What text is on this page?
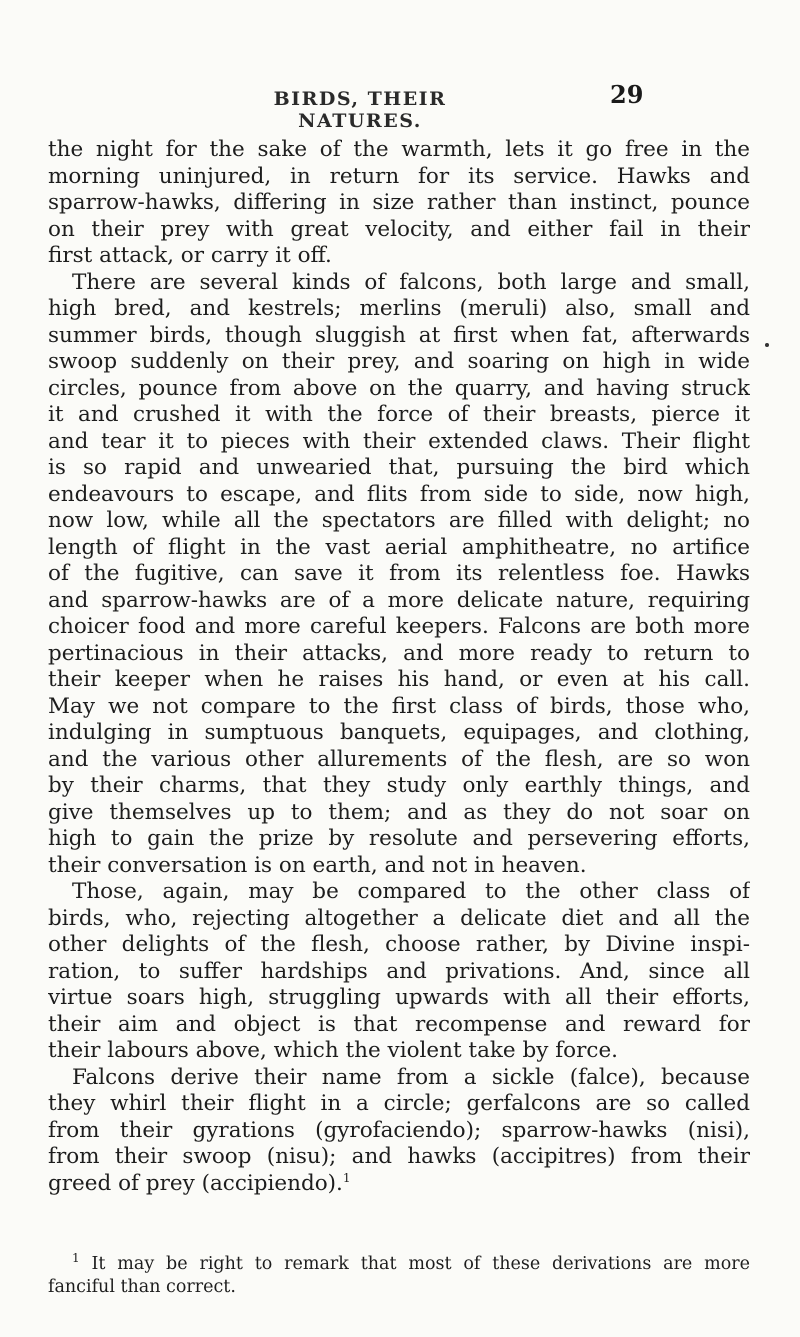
BIRDS, THEIR NATURES.
29
the night for the sake of the warmth, lets it go free in the
morning uninjured, in return for its service. Hawks and
sparrow-hawks, differing in size rather than instinct, pounce
on their prey with great velocity, and either fail in their
first attack, or carry it off.
There are several kinds of falcons, both large and small,
high bred, and kestrels; merlins (meruli) also, small and
summer birds, though sluggish at first when fat, afterwards
swoop suddenly on their prey, and soaring on high in wide
circles, pounce from above on the quarry, and having struck
it and crushed it with the force of their breasts, pierce it
and tear it to pieces with their extended claws. Their flight
is so rapid and unwearied that, pursuing the bird which
endeavours to escape, and flits from side to side, now high,
now low, while all the spectators are filled with delight; no
length of flight in the vast aerial amphitheatre, no artifice
of the fugitive, can save it from its relentless foe. Hawks
and sparrow-hawks are of a more delicate nature, requiring
choicer food and more careful keepers. Falcons are both more
pertinacious in their attacks, and more ready to return to
their keeper when he raises his hand, or even at his call.
May we not compare to the first class of birds, those who,
indulging in sumptuous banquets, equipages, and clothing,
and the various other allurements of the flesh, are so won
by their charms, that they study only earthly things, and
give themselves up to them; and as they do not soar on
high to gain the prize by resolute and persevering efforts,
their conversation is on earth, and not in heaven.
Those, again, may be compared to the other class of
birds, who, rejecting altogether a delicate diet and all the
other delights of the flesh, choose rather, by Divine inspi-
ration, to suffer hardships and privations. And, since all
virtue soars high, struggling upwards with all their efforts,
their aim and object is that recompense and reward for
their labours above, which the violent take by force.
Falcons derive their name from a sickle (falce), because
they whirl their flight in a circle; gerfalcons are so called
from their gyrations (gyrofaciendo); sparrow-hawks (nisi),
from their swoop (nisu); and hawks (accipitres) from their
greed of prey (accipiendo).$^1$
$^1$ It may be right to remark that most of these derivations are more
fanciful than correct.
